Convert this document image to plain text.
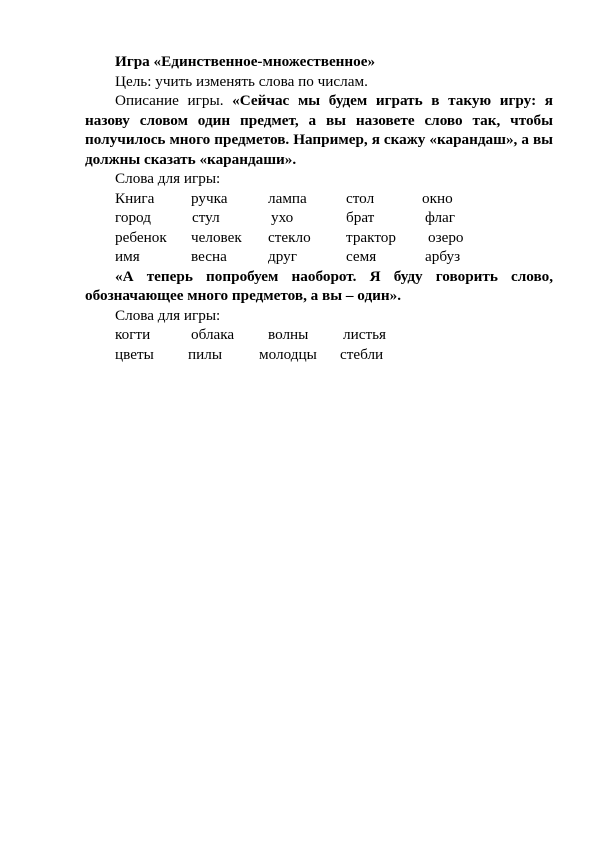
Игра «Единственное-множественное»

Цель: учить изменять слова по числам.

Описание игры. «Сейчас мы будем играть в такую игру: я назову словом один предмет, а вы назовете слово так, чтобы получилось много предметов. Например, я скажу «карандаш», а вы должны сказать «карандаши».

Слова для игры:

Книга ручка	лампа	стол	окно
город	стул	ухо	брат	флаг
ребенок человек стекло трактор озеро
имя	весна	друг	семя	арбуз

«А теперь попробуем наоборот. Я буду говорить слово, обозначающее много предметов, а вы – один».

Слова для игры:

когти	облака волны листья
цветы пилы молодцы стебли
